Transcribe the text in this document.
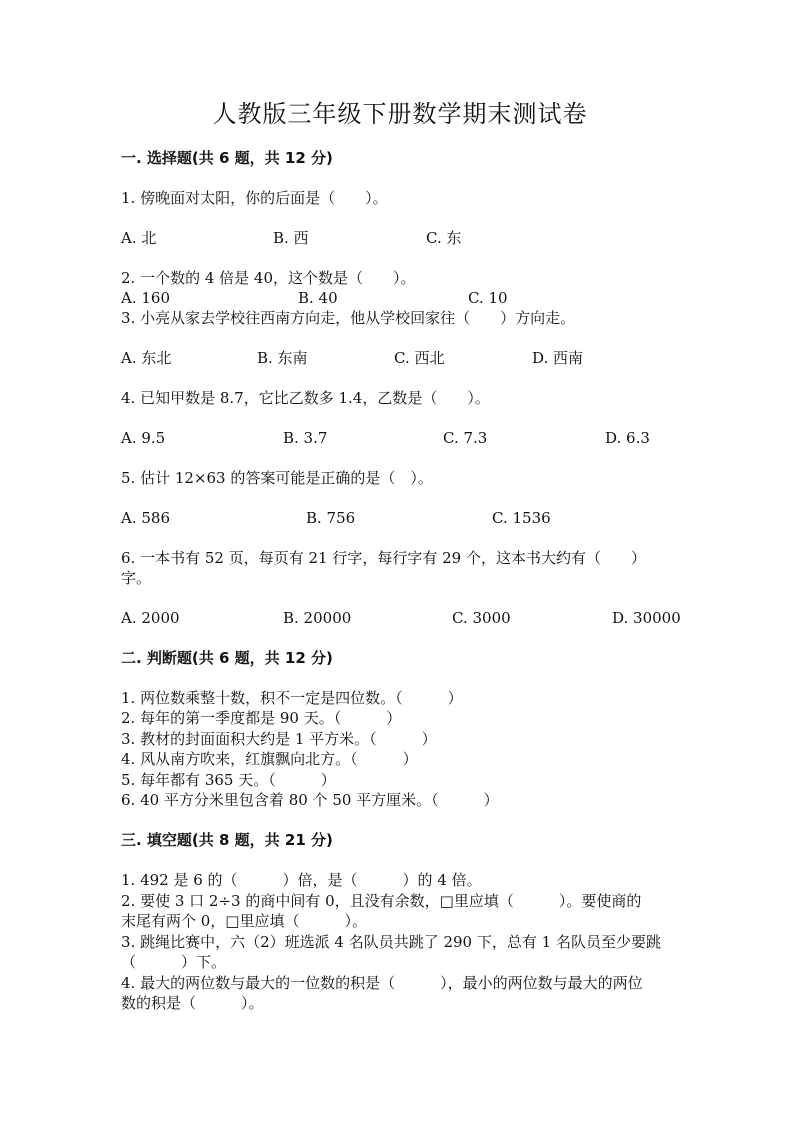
人教版三年级下册数学期末测试卷
一. 选择题(共 6 题，共 12 分)
1. 傍晚面对太阳，你的后面是（　　）。
A. 北	B. 西	C. 东
2. 一个数的 4 倍是 40，这个数是（　　）。
A. 160	B. 40	C. 10
3. 小亮从家去学校往西南方向走，他从学校回家往（　　）方向走。
A. 东北	B. 东南	C. 西北	D. 西南
4. 已知甲数是 8.7，它比乙数多 1.4，乙数是（　　）。
A. 9.5	B. 3.7	C. 7.3	D. 6.3
5. 估计 12×63 的答案可能是正确的是（　）。
A. 586	B. 756	C. 1536
6. 一本书有 52 页，每页有 21 行字，每行字有 29 个，这本书大约有（　　）
字。
A. 2000	B. 20000	C. 3000	D. 30000
二. 判断题(共 6 题，共 12 分)
1. 两位数乘整十数，积不一定是四位数。（　　　）
2. 每年的第一季度都是 90 天。（　　　）
3. 教材的封面面积大约是 1 平方米。（　　　）
4. 风从南方吹来，红旗飘向北方。（　　　）
5. 每年都有 365 天。（　　　）
6. 40 平方分米里包含着 80 个 50 平方厘米。（　　　）
三. 填空题(共 8 题，共 21 分)
1. 492 是 6 的（　　　）倍，是（　　　）的 4 倍。
2. 要使 3 口 2÷3 的商中间有 0，且没有余数，□里应填（　　　）。要使商的
末尾有两个 0，□里应填（　　　）。
3. 跳绳比赛中，六（2）班选派 4 名队员共跳了 290 下，总有 1 名队员至少要跳
（　　　）下。
4. 最大的两位数与最大的一位数的积是（　　　），最小的两位数与最大的两位
数的积是（　　　）。
